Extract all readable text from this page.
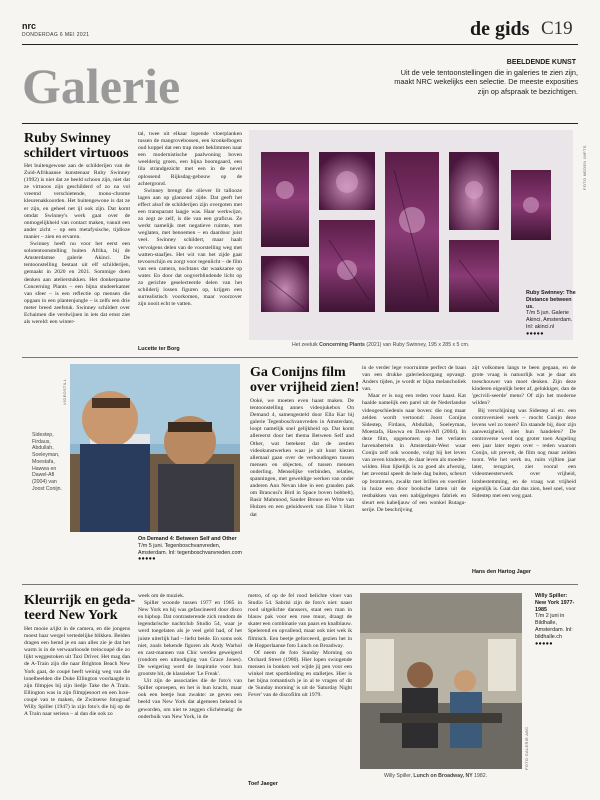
nrc
DONDERDAG 6 MEI 2021	de gids C19
Galerie	BEELDENDE KUNST
Uit de vele tentoonstellingen die in galeries te zien zijn, maakt NRC wekelijks een selectie. De meeste exposities zijn op afspraak te bezichtigen.
Ruby Swinney
schildert virtuoos

Het buitengewone aan de schilderijen van de Zuid-Afrikaanse kunstenaar Ruby Swinney (1992) is niet dat ze beeld schoon zijn, niet dat ze virtuoos zijn geschilderd of zo na vol vreemd verschietende, mono-chrome kleurenakkoorden. Het buitengewone is dat ze er zijn, en geheel net ijl ook zijn. Dat komt omdat Swinney's werk gaat over de onmogelijkheid van contact maken, vanuit een ander zicht – op een metafysische, tijdloze manier – zien en ervaren.

Swinney heeft nu voor het eerst een solotentoonstelling buiten Afrika, bij de Amsterdamse galerie Akinci. De tentoonstelling bestaat uit elf schilderijen, gemaakt in 2020 en 2021. Sommige doen denken aan atelierstukken. Het donkerpaarse Concerning Plants – een bijna studeerkamer van sfeer – is een reflectie op mensen die opgaan in een plantenjungle – is zelfs een drie meter breed zeefstuk. Swinney schildert over Echaimen die verdwijnen in iets dat ernst ziet als wereld: een winter-

tal, twee uit elkaar lopende vloerplanken tussen de mangrovebossen, een kronkelbogen oud koppel dat een trap moet beklimmen naar een modernistische paalwoning boven weelderig groen, een bijna boomgaard, een lila strandgezicht met een in de nevel oplossend Rijksdag-gebouw op de achtergrond.

Swinney brengt die oliever lit tallooze lagen aan op glanzend zijde. Dat geeft het effect alsof de schilderijen zijn overgoten met een transparant laagje was. Haar werkwijze, zo zegt ze zelf, is die van een graficus. Ze werkt namelijk met negatieve ruimte, met weglaten, met benoemen – en daardoor juist veel. Swinney schildert, maar haalt vervolgens delen van de voorstelling weg met watten-staafjes. Het wit van het zijde gaat tevoorschijn en zorgt voor tegenlicht – de film van een camera, nochtans dat waakzame op water. En door dat oogverblindende licht op zo gerichte geselecteerde delen van het schilderij lossen figuren op, krijgen een surrealistisch voorkomen, maar voorzover zijn nooit echt te vatten.

Lucette ter Borg
FOTO MEDEN IMPTS
Het zeeluik Concerning Plants (2021) van Ruby Swinney, 195 x 285 x 5 cm.
Ruby Swinney: The Distance between us.
T/m 5 jun. Galerie Akinci, Amsterdam. Inl: akinci.nl
●●●●●
VIDEOSTILL
Sidestep, Firdaus, Abdullah, Soeleyman, Moestafa, Hawwa en Dawel-Afl (2004) van Joost Conijn.
On Demand 4: Between Self and Other
T/m 5 juni. Tegenboschvanvreden, Amsterdam. Inl: tegenboschvanvreden.com
●●●●●
Ga Conijns film
over vrijheid zien!

Ooké, we moeten even haast maken. De tentoonstelling annex videojukebox On Demand 4, samengesteld door Ella Kar bij galerie Tegenboschvanvreden in Amsterdam, loopt namelijk snel gelijkheid op. Dat komt allereerst door het thema Between Self and Other, wat betekent dat de zestien videokunstwerken waar je uit kunt kiezen allemaal gaan over de verhoudingen tussen mensen en objecten, of tussen mensen onderling. Menselijke verbinden, relaties, spanningen, met geweldige werken van onder anderen Ann Nevan idee in een grauden pak om Brancusi's Bird in Space boven bobbelt), Basir Mahmood, Sander Breure en Witte van Hulzen en een geluidswerk van Elise 't Hart dat

in de verder lege voorruimte perfect de baan van een drukke galeriedoorgang opvangt. Anders tijden, je wordt er bijna melancholiek van.

Maar er is nog een reden voor haast. Kat haalde namelijk een parel uit de Nederlandse videogeschiedenis naar boven: die nog maar zelden wordt vertoond: Joost Conijns Sidestep, Firdaus, Abdullah, Soeleyman, Moestafa, Hawwa en Dawel-Afl (2004). In deze film, opgenomen op het verlaten havenabertein in Amsterdam-West waar Conijn zelf ook woonde, volgt hij het leven van zeven kinderen, de daar leven als moeder-wilden. Hun lijkelijk is zo goed als afwezig, het zevental speelt de hele dag buiten, scheurt op brommers, zwalkt met brillen en voerdiet in huize een door boolsche latten uit de restbakken van een nabijgelegen fabriek en sleurt een kabeljauw of een wonkel Rutaga-serije. De beschrijving

zijt volkomen langs te been gegaan, en de grote vraag is natuurlijk wat je daar als toeschouwer van moet denken. Zijn deze kinderen eigenlijk beter af, gelukkiger, dan de 'gecivili-seerde' mens? Of zijn het moderne wilden?

Bij verschijning was Sidestep al etc. een controversieel werk – mocht Conijn deze levens wel zo tonen? En staande bij, door zijn aanwezigheid, niet hun handelen? De controverse werd nog groter toen Angeling een jaar later tegen over – reden waarom Conijn, uit prevelt, de film nog maar zelden toont. Wie het werk nu, ruim vijftien jaar later, terugziet, ziet vooral een videomeesterwerk over vrijheid, lotsbestemming, en de vraag wat vrijheid eigenlijk is. Gaat dat dus zien, heel snel, voor Sidestep met een weg gaat.

Hans den Hartog Jager
Kleurrijk en geda-
teerd New York

Het mooie a/ijkt in de camera, en die jongens moest haar wergel vertedelijke blikken. Beiden dragen een hemd je en aan alles zie je dat het warm is in de verwaarloosde treincoupé die zo lijkt weggestoken uit Taxi Driver. Het mag dan de A-Train zijn die naar Brighton Beach New York gaat, de coupé heeft weinig weg van die lonelbeelden die Duke Ellington voorlaagde in zijn filmpjes bij zijn liedje Take the A Train. Ellington was in zijn filmpjesoort en een luxe-coupé van te maken, de Zwitserse fotograaf Willy Spiller (1947) in zijn foto's die hij op de A Train naar serieus – al dan die ook zo

week om de muziek.

Spiller woonde tussen 1977 en 1985 in New York en hij was gefascineerd door disco en hiphop. Dat contrasterende zich rondom de legendarische nachtclub Studio 54, waar je werd toegelaten als je veel geld had, of het juiste uiterlijk had – liefst beide. En soms ook niet, zoals bekende figuren als Andy Warhol en cast-mannen van Chic werden geweigerd (rondom een uitnodiging van Grace Jones). De weigering werd de inspiratie voor hun grootste hit, de klassieker 'Le Freak'.

Uit zijn de associaties die de foto's van Spiller oproepen, en het is hun kracht, maar ook een beetje hun zwakte: ze geven een beeld van New York dat algemeen bekend is geworden, om niet te zeggen clichématig: de onderbuik van New York, in de

metro, of op de fel rood belichte vloer van Studio 54. Sabrisi zijn de foto's niet: naast rood uitgelichte danssers, staat een man in blauw pak voor een rose muur, draagt de skater een combinatie van paars en knalblauw. Spelerend en opvallend, maar ook niet wek ik filmisch. Een beetje geforceerd, gezien het in de Hopperlaanse foto Lunch on Broadway.

Of neem de foto Sunday Morning on Orchard Street (1980). Hier lopen swingende mensen in bonken wel wijde jij pen voor een winkel met sportkleding en stalletjes. Hier is het bijna romantisch je in al te vragen of dit de 'Sunday morning' is uit de 'Saturday Night Fever' van de discofilm uit 1979.

Toef Jaeger
FOTO GALERIE ABC
Willy Spiller, Lunch on Broadway, NY 1982.
Willy Spiller: New York 1977-1985
T/m 2 juni in Bildhalle, Amsterdam. Inl: bildhalle.ch
●●●●●
